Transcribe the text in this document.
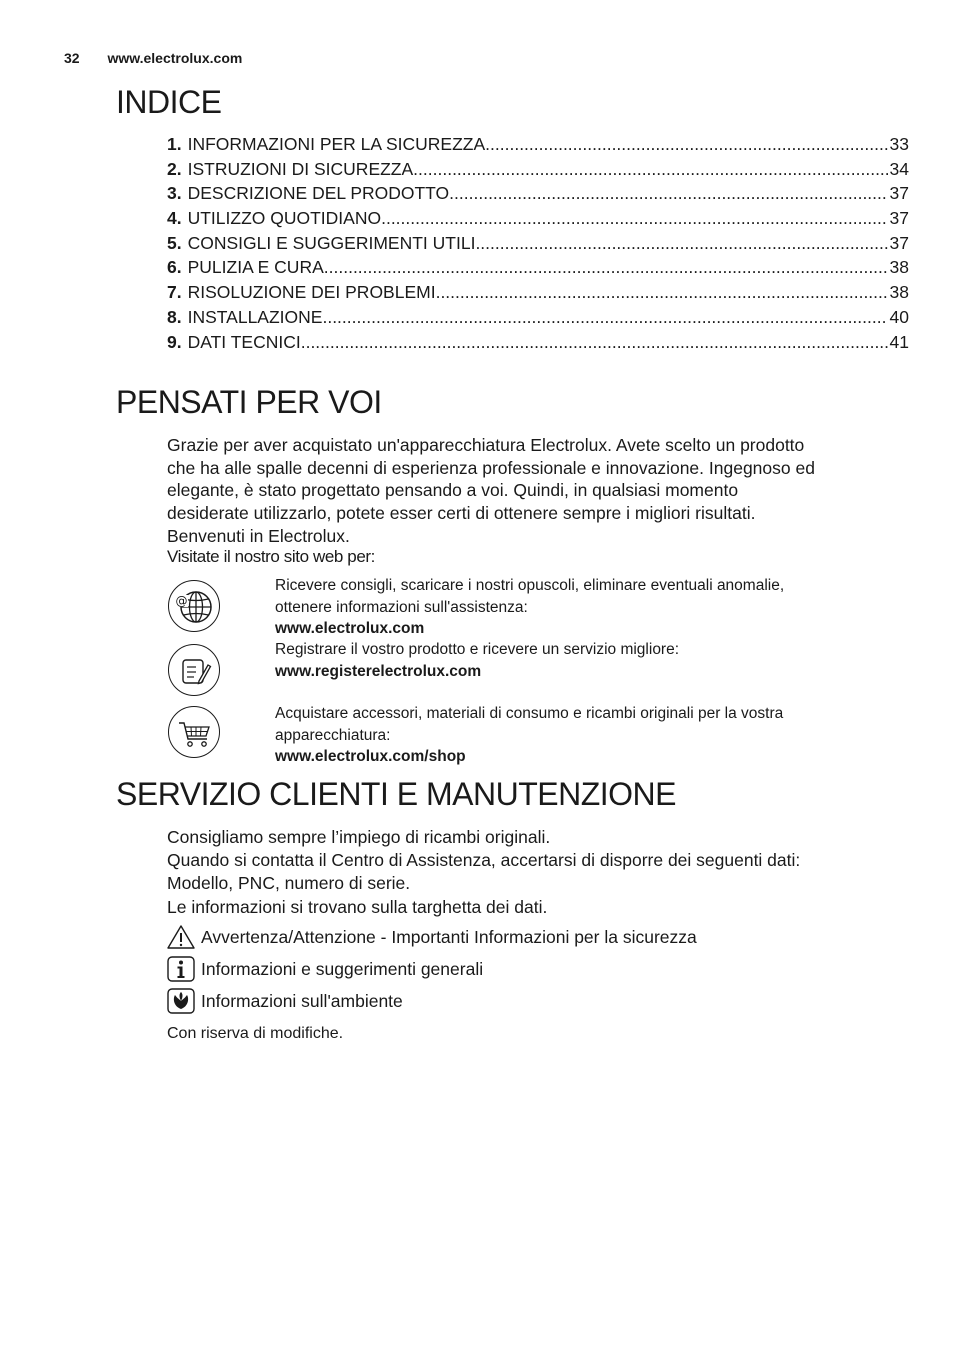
32 www.electrolux.com
INDICE
1. INFORMAZIONI PER LA SICUREZZA .....	33
2. ISTRUZIONI DI SICUREZZA .....	34
3. DESCRIZIONE DEL PRODOTTO .....	37
4. UTILIZZO QUOTIDIANO .....	37
5. CONSIGLI E SUGGERIMENTI UTILI .....	37
6. PULIZIA E CURA .....	38
7. RISOLUZIONE DEI PROBLEMI .....	38
8. INSTALLAZIONE .....	40
9. DATI TECNICI .....	41
PENSATI PER VOI
Grazie per aver acquistato un'apparecchiatura Electrolux. Avete scelto un prodotto
che ha alle spalle decenni di esperienza professionale e innovazione. Ingegnoso ed
elegante, è stato progettato pensando a voi. Quindi, in qualsiasi momento
desiderate utilizzarlo, potete esser certi di ottenere sempre i migliori risultati.
Benvenuti in Electrolux.
Visitate il nostro sito web per:
@
Ricevere consigli, scaricare i nostri opuscoli, eliminare eventuali anomalie,
ottenere informazioni sull'assistenza:
www.electrolux.com
Registrare il vostro prodotto e ricevere un servizio migliore:
www.registerelectrolux.com
Acquistare accessori, materiali di consumo e ricambi originali per la vostra
apparecchiatura:
www.electrolux.com/shop
SERVIZIO CLIENTI E MANUTENZIONE
Consigliamo sempre l’impiego di ricambi originali.
Quando si contatta il Centro di Assistenza, accertarsi di disporre dei seguenti dati:
Modello, PNC, numero di serie.
Le informazioni si trovano sulla targhetta dei dati.
Avvertenza/Attenzione - Importanti Informazioni per la sicurezza
Informazioni e suggerimenti generali
Informazioni sull'ambiente
Con riserva di modifiche.
